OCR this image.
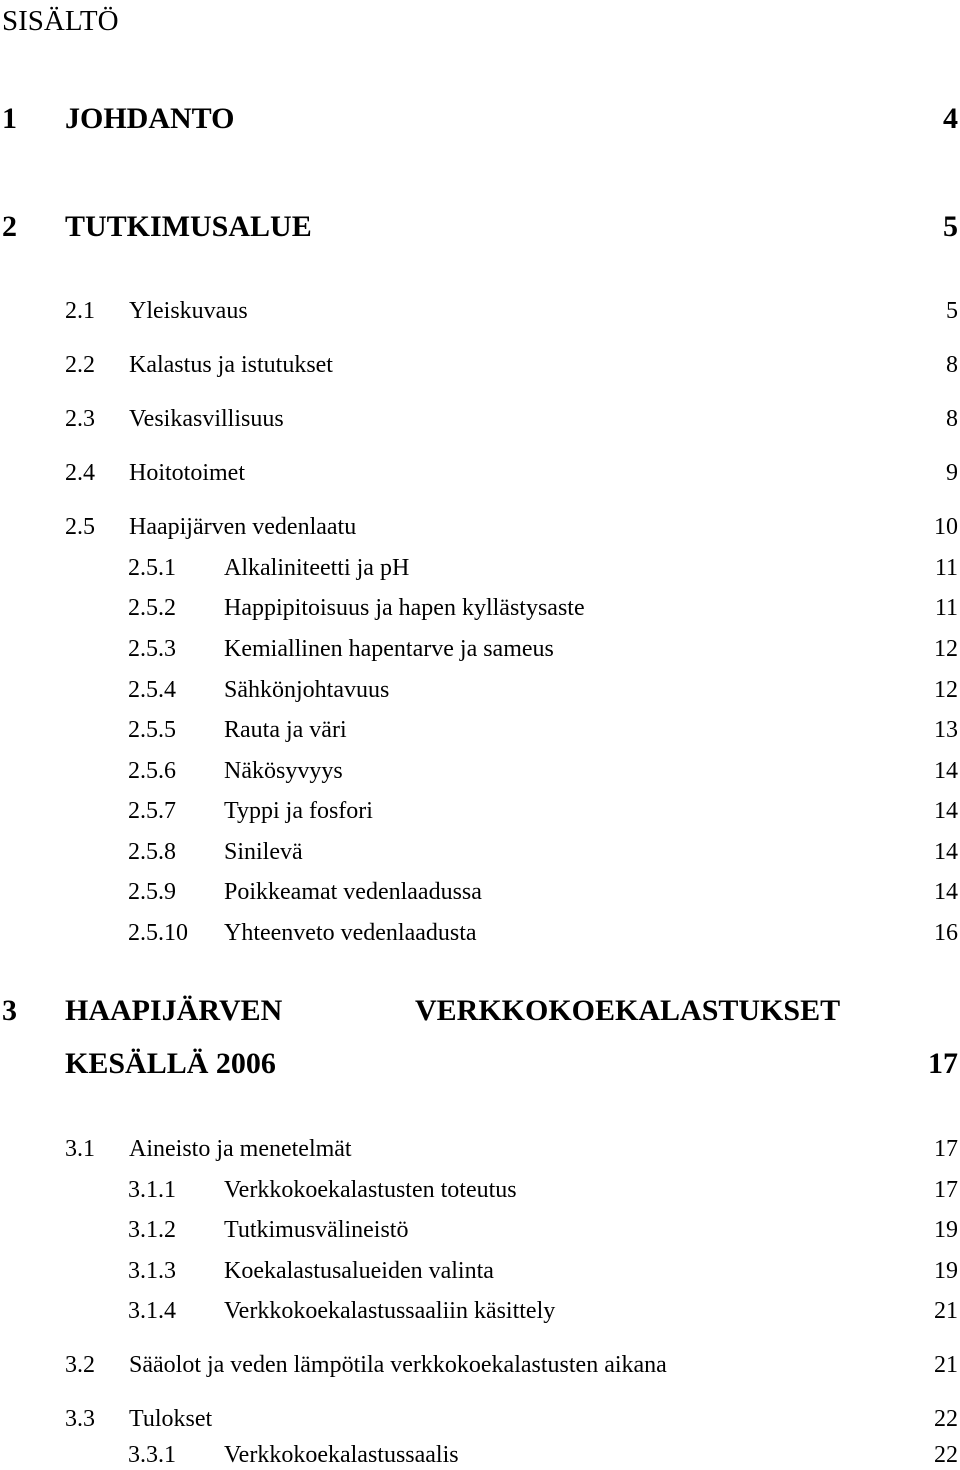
SISÄLTÖ
1 JOHDANTO	4
2 TUTKIMUSALUE	5
2.1 Yleiskuvaus	5
2.2 Kalastus ja istutukset	8
2.3 Vesikasvillisuus	8
2.4 Hoitotoimet	9
2.5 Haapijärven vedenlaatu	10
2.5.1 Alkaliniteetti ja pH	11
2.5.2 Happipitoisuus ja hapen kyllästysaste	11
2.5.3 Kemiallinen hapentarve ja sameus	12
2.5.4 Sähkönjohtavuus	12
2.5.5 Rauta ja väri	13
2.5.6 Näkösyvyys	14
2.5.7 Typpi ja fosfori	14
2.5.8 Sinilevä	14
2.5.9 Poikkeamat vedenlaadussa	14
2.5.10 Yhteenveto vedenlaadusta	16
3 HAAPIJÄRVEN	VERKKOKOEKALASTUKSET
KESÄLLÄ 2006	17
3.1 Aineisto ja menetelmät	17
3.1.1 Verkkokoekalastusten toteutus	17
3.1.2 Tutkimusvälineistö	19
3.1.3 Koekalastusalueiden valinta	19
3.1.4 Verkkokoekalastussaaliin käsittely	21
3.2 Sääolot ja veden lämpötila verkkokoekalastusten aikana	21
3.3 Tulokset	22
3.3.1 Verkkokoekalastussaalis	22
